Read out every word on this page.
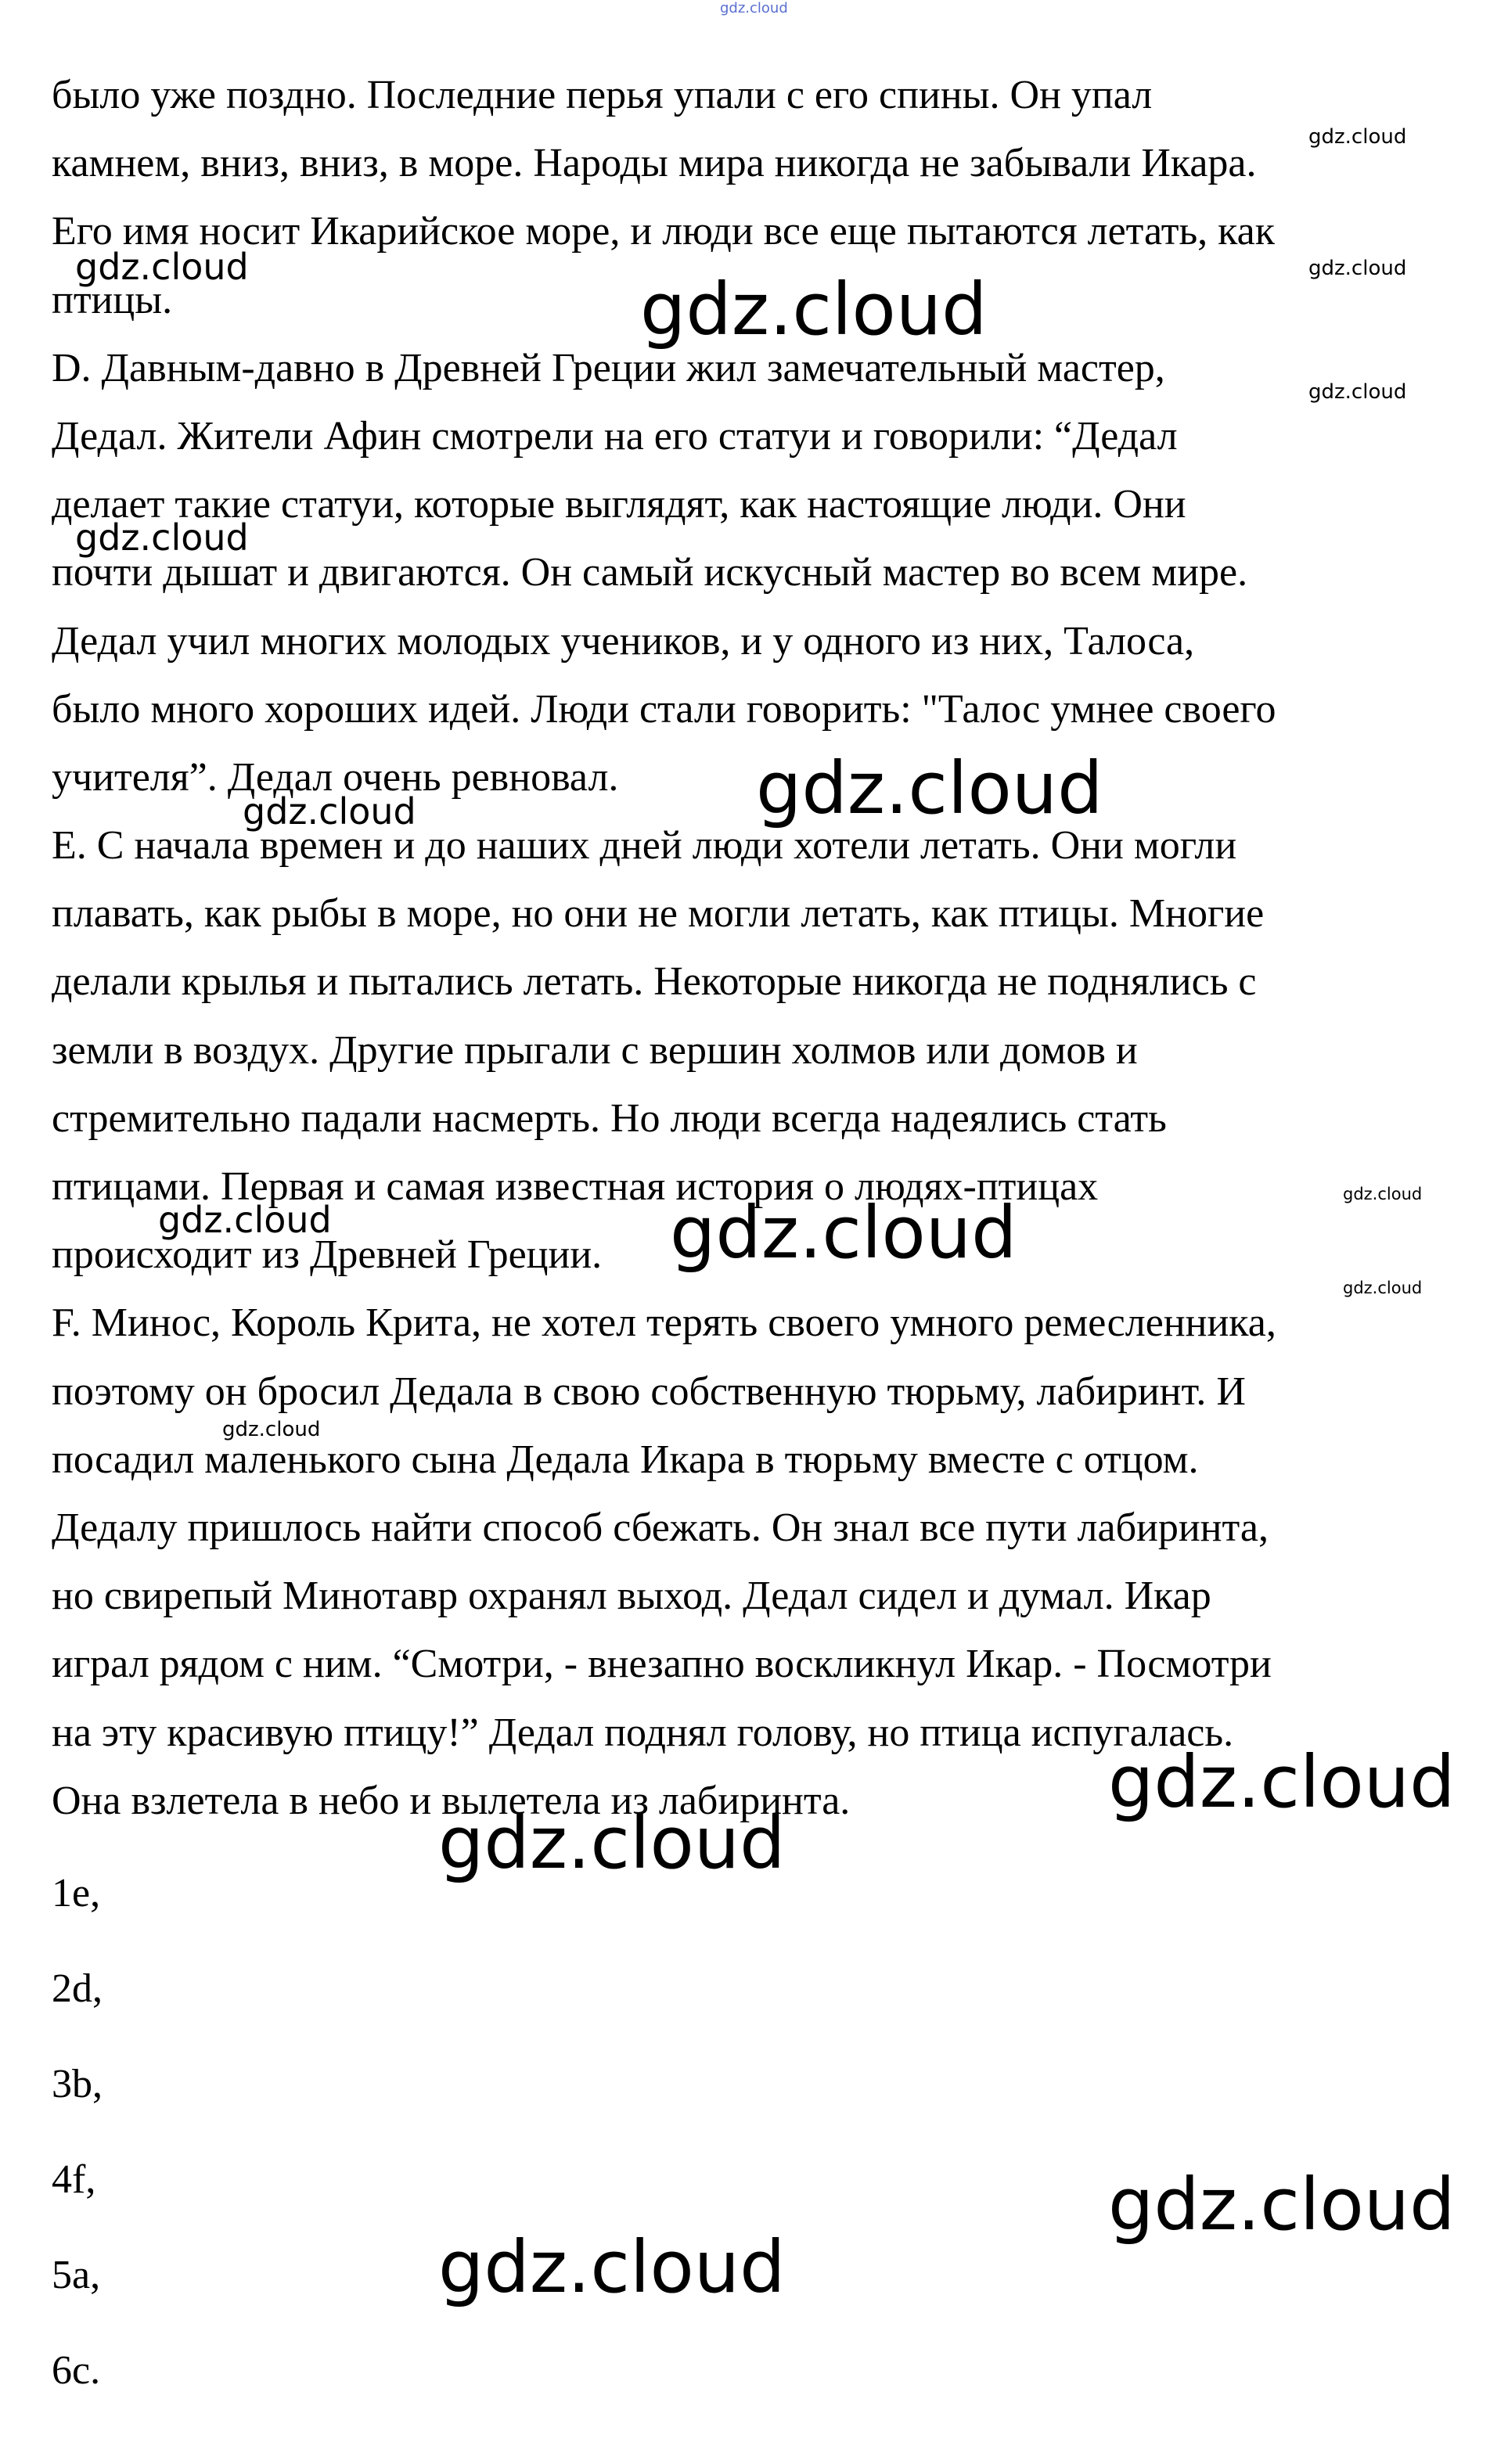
было уже поздно. Последние перья упали с его спины. Он упал
камнем, вниз, вниз, в море. Народы мира никогда не забывали Икара.
Его имя носит Икарийское море, и люди все еще пытаются летать, как
птицы.
D. Давным-давно в Древней Греции жил замечательный мастер,
Дедал. Жители Афин смотрели на его статуи и говорили: “Дедал
делает такие статуи, которые выглядят, как настоящие люди. Они
почти дышат и двигаются. Он самый искусный мастер во всем мире.
Дедал учил многих молодых учеников, и у одного из них, Талоса,
было много хороших идей. Люди стали говорить: "Талос умнее своего
учителя”. Дедал очень ревновал.
E. С начала времен и до наших дней люди хотели летать. Они могли
плавать, как рыбы в море, но они не могли летать, как птицы. Многие
делали крылья и пытались летать. Некоторые никогда не поднялись с
земли в воздух. Другие прыгали с вершин холмов или домов и
стремительно падали насмерть. Но люди всегда надеялись стать
птицами. Первая и самая известная история о людях-птицах
происходит из Древней Греции.
F. Минос, Король Крита, не хотел терять своего умного ремесленника,
поэтому он бросил Дедала в свою собственную тюрьму, лабиринт. И
посадил маленького сына Дедала Икара в тюрьму вместе с отцом.
Дедалу пришлось найти способ сбежать. Он знал все пути лабиринта,
но свирепый Минотавр охранял выход. Дедал сидел и думал. Икар
играл рядом с ним. “Смотри, - внезапно воскликнул Икар. - Посмотри
на эту красивую птицу!” Дедал поднял голову, но птица испугалась.
Она взлетела в небо и вылетела из лабиринта.
1e,
2d,
3b,
4f,
5a,
6c.
gdz.cloud
gdz.cloud
gdz.cloud	gdz.cloud
gdz.cloud
gdz.cloud
gdz.cloud
gdz.cloud
gdz.cloud
gdz.cloud
gdz.cloud
gdz.cloud
gdz.cloud
gdz.cloud
gdz.cloud
gdz.cloud
gdz.cloud
gdz.cloud
